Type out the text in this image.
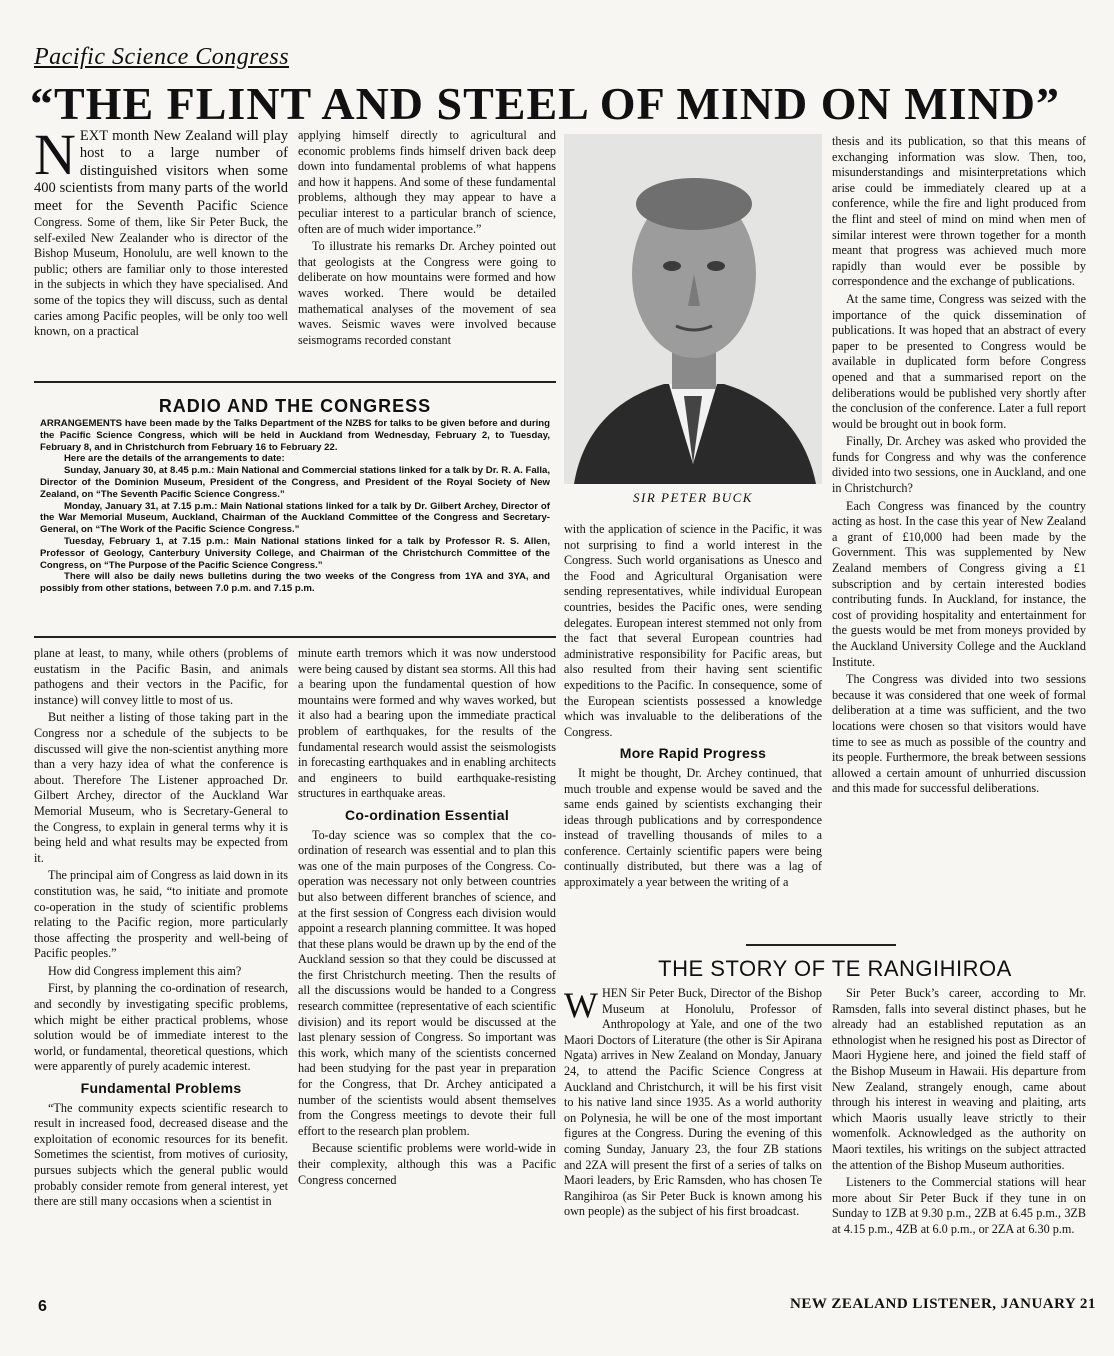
Pacific Science Congress
“THE FLINT AND STEEL OF MIND ON MIND”
N EXT month New Zealand will play host to a large number of distinguished visitors when some 400 scientists from many parts of the world meet for the Seventh Pacific Science Congress. Some of them, like Sir Peter Buck, the self-exiled New Zealander who is director of the Bishop Museum, Honolulu, are well known to the public; others are familiar only to those interested in the subjects in which they have specialised. And some of the topics they will discuss, such as dental caries among Pacific peoples, will be only too well known, on a practical

applying himself directly to agricultural and economic problems finds himself driven back deep down into fundamental problems of what happens and how it happens. And some of these fundamental problems, although they may appear to have a peculiar interest to a particular branch of science, often are of much wider importance.”

To illustrate his remarks Dr. Archey pointed out that geologists at the Congress were going to deliberate on how mountains were formed and how waves worked. There would be detailed mathematical analyses of the movement of sea waves. Seismic waves were involved because seismograms recorded constant

SIR PETER BUCK
RADIO AND THE CONGRESS

ARRANGEMENTS have been made by the Talks Department of the NZBS for talks to be given before and during the Pacific Science Congress, which will be held in Auckland from Wednesday, February 2, to Tuesday, February 8, and in Christchurch from February 16 to February 22.

Here are the details of the arrangements to date:

Sunday, January 30, at 8.45 p.m.: Main National and Commercial stations linked for a talk by Dr. R. A. Falla, Director of the Dominion Museum, President of the Congress, and President of the Royal Society of New Zealand, on “The Seventh Pacific Science Congress.”

Monday, January 31, at 7.15 p.m.: Main National stations linked for a talk by Dr. Gilbert Archey, Director of the War Memorial Museum, Auckland, Chairman of the Auckland Committee of the Congress and Secretary-General, on “The Work of the Pacific Science Congress.”

Tuesday, February 1, at 7.15 p.m.: Main National stations linked for a talk by Professor R. S. Allen, Professor of Geology, Canterbury University College, and Chairman of the Christchurch Committee of the Congress, on “The Purpose of the Pacific Science Congress.”

There will also be daily news bulletins during the two weeks of the Congress from 1YA and 3YA, and possibly from other stations, between 7.0 p.m. and 7.15 p.m.

plane at least, to many, while others (problems of eustatism in the Pacific Basin, and animals pathogens and their vectors in the Pacific, for instance) will convey little to most of us.

But neither a listing of those taking part in the Congress nor a schedule of the subjects to be discussed will give the non-scientist anything more than a very hazy idea of what the conference is about. Therefore The Listener approached Dr. Gilbert Archey, director of the Auckland War Memorial Museum, who is Secretary-General to the Congress, to explain in general terms why it is being held and what results may be expected from it.

The principal aim of Congress as laid down in its constitution was, he said, “to initiate and promote co-operation in the study of scientific problems relating to the Pacific region, more particularly those affecting the prosperity and well-being of Pacific peoples.”

How did Congress implement this aim?

First, by planning the co-ordination of research, and secondly by investigating specific problems, which might be either practical problems, whose solution would be of immediate interest to the world, or fundamental, theoretical questions, which were apparently of purely academic interest.

Fundamental Problems

“The community expects scientific research to result in increased food, decreased disease and the exploitation of economic resources for its benefit. Sometimes the scientist, from motives of curiosity, pursues subjects which the general public would probably consider remote from general interest, yet there are still many occasions when a scientist in

minute earth tremors which it was now understood were being caused by distant sea storms. All this had a bearing upon the fundamental question of how mountains were formed and why waves worked, but it also had a bearing upon the immediate practical problem of earthquakes, for the results of the fundamental research would assist the seismologists in forecasting earthquakes and in enabling architects and engineers to build earthquake-resisting structures in earthquake areas.

Co-ordination Essential

To-day science was so complex that the co-ordination of research was essential and to plan this was one of the main purposes of the Congress. Co-operation was necessary not only between countries but also between different branches of science, and at the first session of Congress each division would appoint a research planning committee. It was hoped that these plans would be drawn up by the end of the Auckland session so that they could be discussed at the first Christchurch meeting. Then the results of all the discussions would be handed to a Congress research committee (representative of each scientific division) and its report would be discussed at the last plenary session of Congress. So important was this work, which many of the scientists concerned had been studying for the past year in preparation for the Congress, that Dr. Archey anticipated a number of the scientists would absent themselves from the Congress meetings to devote their full effort to the research plan problem.

Because scientific problems were world-wide in their complexity, although this was a Pacific Congress concerned

with the application of science in the Pacific, it was not surprising to find a world interest in the Congress. Such world organisations as Unesco and the Food and Agricultural Organisation were sending representatives, while individual European countries, besides the Pacific ones, were sending delegates. European interest stemmed not only from the fact that several European countries had administrative responsibility for Pacific areas, but also resulted from their having sent scientific expeditions to the Pacific. In consequence, some of the European scientists possessed a knowledge which was invaluable to the deliberations of the Congress.

More Rapid Progress

It might be thought, Dr. Archey continued, that much trouble and expense would be saved and the same ends gained by scientists exchanging their ideas through publications and by correspondence instead of travelling thousands of miles to a conference. Certainly scientific papers were being continually distributed, but there was a lag of approximately a year between the writing of a

thesis and its publication, so that this means of exchanging information was slow. Then, too, misunderstandings and misinterpretations which arise could be immediately cleared up at a conference, while the fire and light produced from the flint and steel of mind on mind when men of similar interest were thrown together for a month meant that progress was achieved much more rapidly than would ever be possible by correspondence and the exchange of publications.

At the same time, Congress was seized with the importance of the quick dissemination of publications. It was hoped that an abstract of every paper to be presented to Congress would be available in duplicated form before Congress opened and that a summarised report on the deliberations would be published very shortly after the conclusion of the conference. Later a full report would be brought out in book form.

Finally, Dr. Archey was asked who provided the funds for Congress and why was the conference divided into two sessions, one in Auckland, and one in Christchurch?

Each Congress was financed by the country acting as host. In the case this year of New Zealand a grant of £10,000 had been made by the Government. This was supplemented by New Zealand members of Congress giving a £1 subscription and by certain interested bodies contributing funds. In Auckland, for instance, the cost of providing hospitality and entertainment for the guests would be met from moneys provided by the Auckland University College and the Auckland Institute.

The Congress was divided into two sessions because it was considered that one week of formal deliberation at a time was sufficient, and the two locations were chosen so that visitors would have time to see as much as possible of the country and its people. Furthermore, the break between sessions allowed a certain amount of unhurried discussion and this made for successful deliberations.

THE STORY OF TE RANGIHIROA
W HEN Sir Peter Buck, Director of the Bishop Museum at Honolulu, Professor of Anthropology at Yale, and one of the two Maori Doctors of Literature (the other is Sir Apirana Ngata) arrives in New Zealand on Monday, January 24, to attend the Pacific Science Congress at Auckland and Christchurch, it will be his first visit to his native land since 1935. As a world authority on Polynesia, he will be one of the most important figures at the Congress. During the evening of this coming Sunday, January 23, the four ZB stations and 2ZA will present the first of a series of talks on Maori leaders, by Eric Ramsden, who has chosen Te Rangihiroa (as Sir Peter Buck is known among his own people) as the subject of his first broadcast.

Sir Peter Buck’s career, according to Mr. Ramsden, falls into several distinct phases, but he already had an established reputation as an ethnologist when he resigned his post as Director of Maori Hygiene here, and joined the field staff of the Bishop Museum in Hawaii. His departure from New Zealand, strangely enough, came about through his interest in weaving and plaiting, arts which Maoris usually leave strictly to their womenfolk. Acknowledged as the authority on Maori textiles, his writings on the subject attracted the attention of the Bishop Museum authorities.

Listeners to the Commercial stations will hear more about Sir Peter Buck if they tune in on Sunday to 1ZB at 9.30 p.m., 2ZB at 6.45 p.m., 3ZB at 4.15 p.m., 4ZB at 6.0 p.m., or 2ZA at 6.30 p.m.

6	NEW ZEALAND LISTENER, JANUARY 21
